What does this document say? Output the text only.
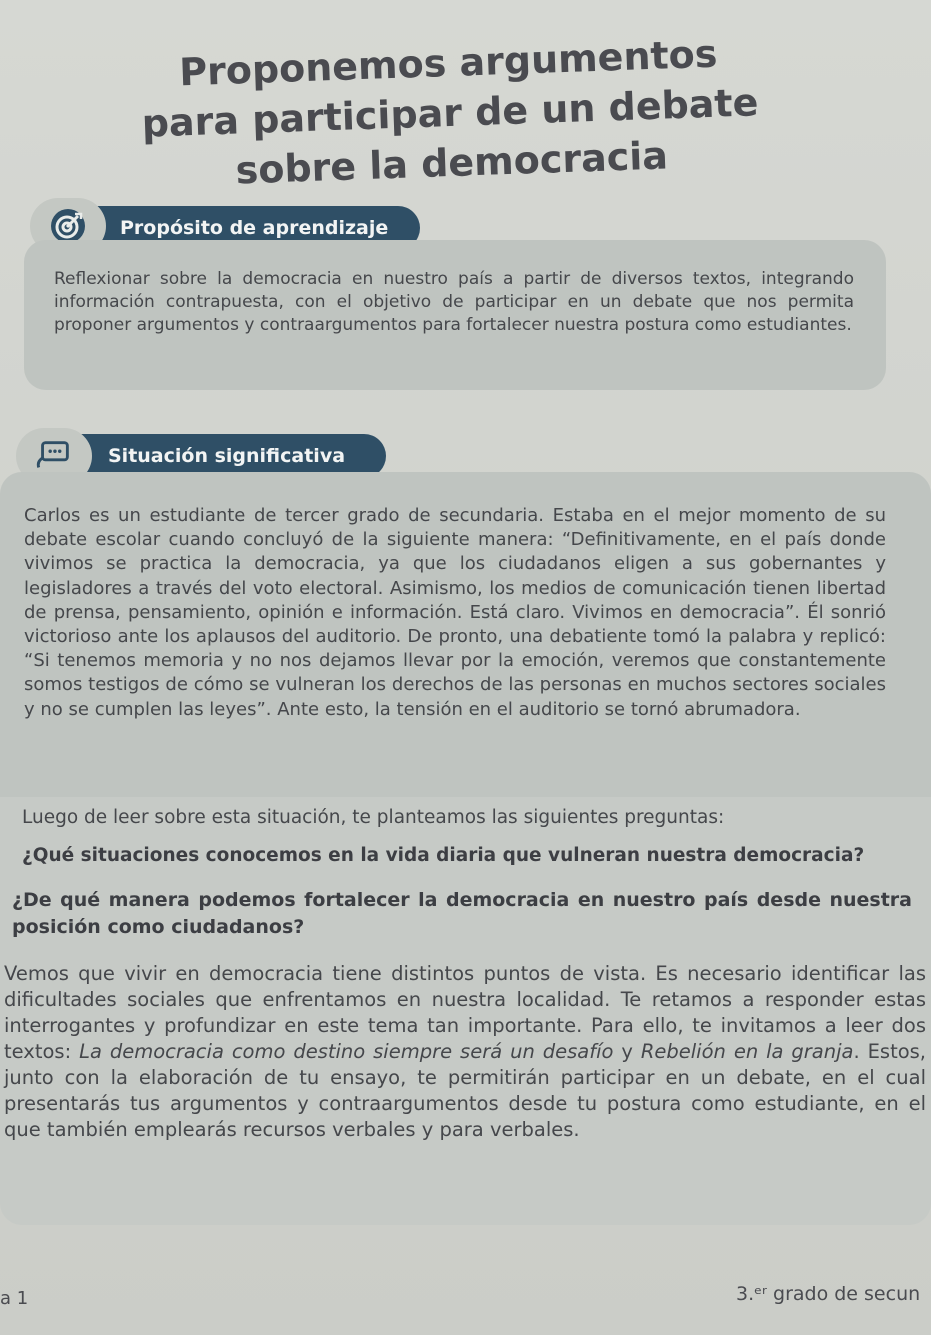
Proponemos argumentos
para participar de un debate
sobre la democracia
Propósito de aprendizaje

Reflexionar sobre la democracia en nuestro país a partir de diversos textos, integrando información contrapuesta, con el objetivo de participar en un debate que nos permita proponer argumentos y contraargumentos para fortalecer nuestra postura como estudiantes.

Situación significativa

Carlos es un estudiante de tercer grado de secundaria. Estaba en el mejor momento de su debate escolar cuando concluyó de la siguiente manera: “Definitivamente, en el país donde vivimos se practica la democracia, ya que los ciudadanos eligen a sus gobernantes y legisladores a través del voto electoral. Asimismo, los medios de comunicación tienen libertad de prensa, pensamiento, opinión e información. Está claro. Vivimos en democracia”. Él sonrió victorioso ante los aplausos del auditorio. De pronto, una debatiente tomó la palabra y replicó: “Si tenemos memoria y no nos dejamos llevar por la emoción, veremos que constantemente somos testigos de cómo se vulneran los derechos de las personas en muchos sectores sociales y no se cumplen las leyes”. Ante esto, la tensión en el auditorio se tornó abrumadora.

Luego de leer sobre esta situación, te planteamos las siguientes preguntas:
¿Qué situaciones conocemos en la vida diaria que vulneran nuestra democracia?
¿De qué manera podemos fortalecer la democracia en nuestro país desde nuestra posición como ciudadanos?
Vemos que vivir en democracia tiene distintos puntos de vista. Es necesario identificar las dificultades sociales que enfrentamos en nuestra localidad. Te retamos a responder estas interrogantes y profundizar en este tema tan importante. Para ello, te invitamos a leer dos textos: La democracia como destino siempre será un desafío y Rebelión en la granja. Estos, junto con la elaboración de tu ensayo, te permitirán participar en un debate, en el cual presentarás tus argumentos y contraargumentos desde tu postura como estudiante, en el que también emplearás recursos verbales y para verbales.
a 1	3.ᵉʳ grado de secun
